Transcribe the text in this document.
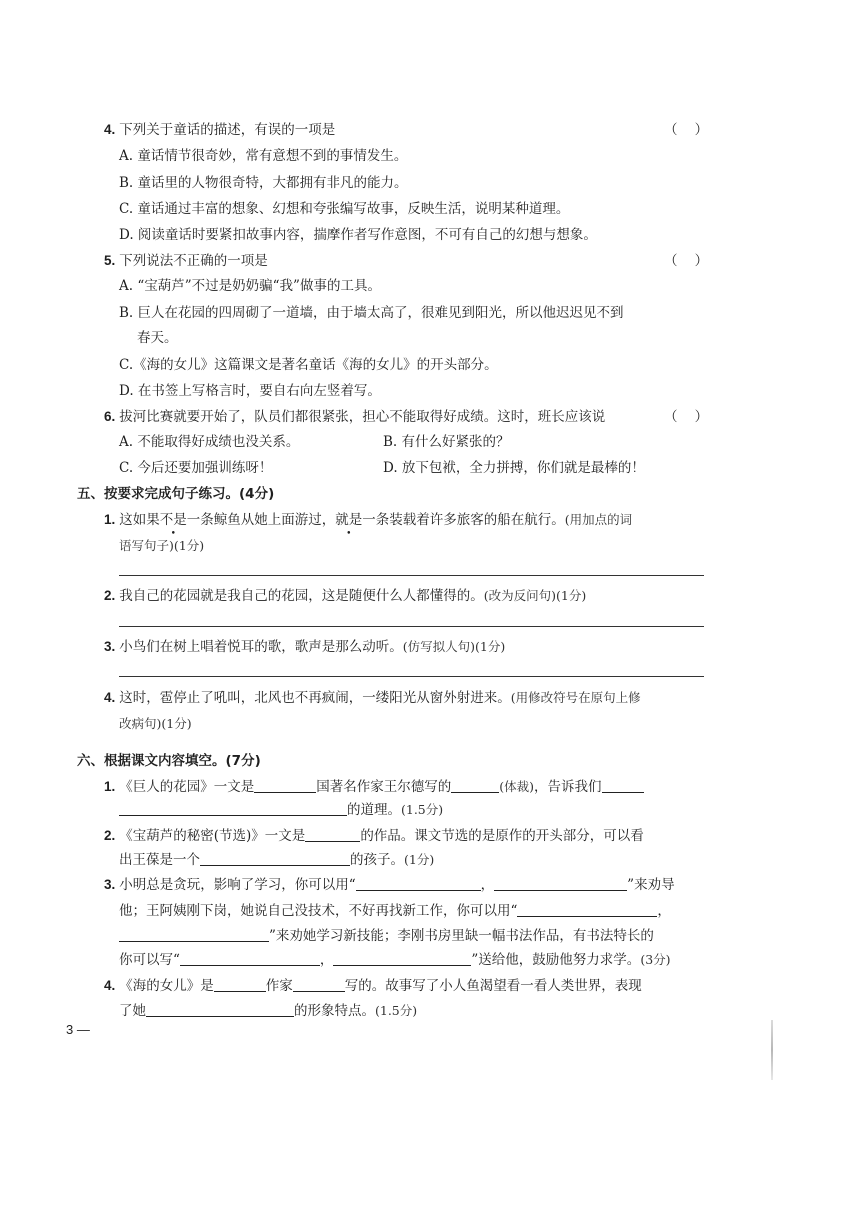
4. 下列关于童话的描述，有误的一项是	（    ）
A. 童话情节很奇妙，常有意想不到的事情发生。
B. 童话里的人物很奇特，大都拥有非凡的能力。
C. 童话通过丰富的想象、幻想和夸张编写故事，反映生活，说明某种道理。
D. 阅读童话时要紧扣故事内容，揣摩作者写作意图，不可有自己的幻想与想象。
5. 下列说法不正确的一项是	（    ）
A. “宝葫芦”不过是奶奶骗“我”做事的工具。
B. 巨人在花园的四周砌了一道墙，由于墙太高了，很难见到阳光，所以他迟迟见不到
春天。
C.《海的女儿》这篇课文是著名童话《海的女儿》的开头部分。
D. 在书签上写格言时，要自右向左竖着写。
6. 拔河比赛就要开始了，队员们都很紧张，担心不能取得好成绩。这时，班长应该说	（    ）
A. 不能取得好成绩也没关系。	B. 有什么好紧张的？
C. 今后还要加强训练呀！	D. 放下包袱，全力拼搏，你们就是最棒的！
五、按要求完成句子练习。(4分)
1. 这如果不是一条鲸鱼从她上面游过，就是一条装载着许多旅客的船在航行。(用加点的词
语写句子)(1分)
2. 我自己的花园就是我自己的花园，这是随便什么人都懂得的。(改为反问句)(1分)
3. 小鸟们在树上唱着悦耳的歌，歌声是那么动听。(仿写拟人句)(1分)
4. 这时，雹停止了吼叫，北风也不再疯闹，一缕阳光从窗外射进来。(用修改符号在原句上修
改病句)(1分)
六、根据课文内容填空。(7分)
1. 《巨人的花园》一文是	国著名作家王尔德写的	(体裁)，告诉我们
的道理。(1.5分)
2. 《宝葫芦的秘密(节选)》一文是	的作品。课文节选的是原作的开头部分，可以看
出王葆是一个	的孩子。(1分)
3. 小明总是贪玩，影响了学习，你可以用“	，	”来劝导
他；王阿姨刚下岗，她说自己没技术，不好再找新工作，你可以用“	，
”来劝她学习新技能；李刚书房里缺一幅书法作品，有书法特长的
你可以写“	，	”送给他，鼓励他努力求学。(3分)
4. 《海的女儿》是	作家	写的。故事写了小人鱼渴望看一看人类世界，表现
了她	的形象特点。(1.5分)
3 —
